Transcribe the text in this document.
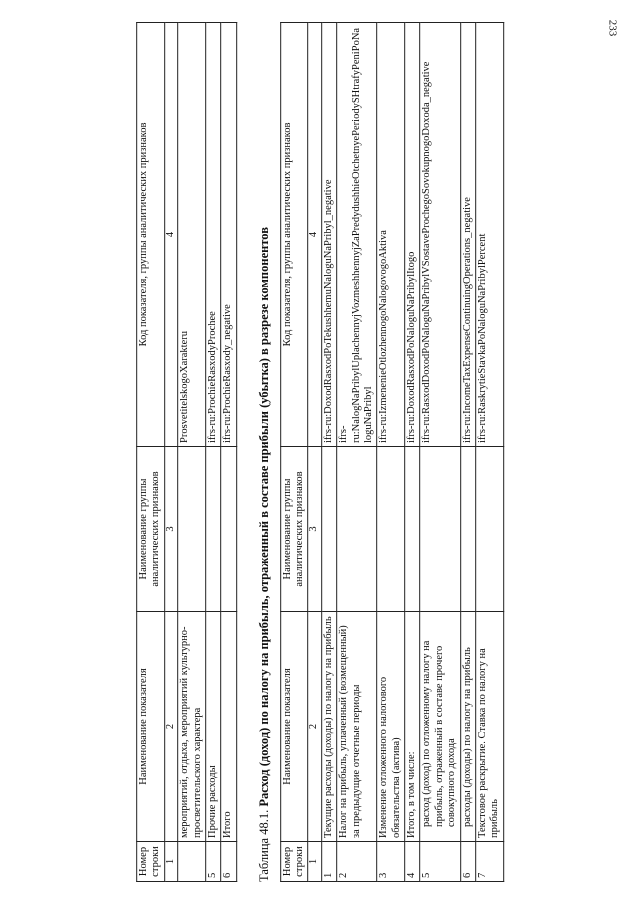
233
Номер строки	Наименование показателя	Наименование группы аналитических признаков	Код показателя, группы аналитических признаков
1	2	3	4
	мероприятий, отдыха, мероприятий культурно-просветительского характера		ProsvetitelskogoXarakteru
5	Прочие расходы		ifrs-ru:ProchieRasxodyProchee
6	Итого		ifrs-ru:ProchieRasxody_negative
Таблица 48.1. Расход (доход) по налогу на прибыль, отраженный в составе прибыли (убытка) в разрезе компонентов
Номер строки	Наименование показателя	Наименование группы аналитических признаков	Код показателя, группы аналитических признаков
1	2	3	4
1	Текущие расходы (доходы) по налогу на прибыль		ifrs-ru:DoxodRasxodPoTekushhemuNaloguNaPribyl_negative
2	Налог на прибыль, уплаченный (возмещенный) за предыдущие отчетные периоды		ifrs-ru:NalogNaPribylUplachennyjVozmeshhennyjZaPredydushhieOtchetnyePeriodySHtrafyPeniPoNaloguNaPribyl
3	Изменение отложенного налогового обязательства (актива)		ifrs-ru:IzmenenieOtlozhennogoNalogovogoAktiva
4	Итого, в том числе:		ifrs-ru:DoxodRasxodPoNaloguNaPribylItogo
5	расход (доход) по отложенному налогу на прибыль, отраженный в составе прочего совокупного дохода		ifrs-ru:RasxodDoxodPoNaloguNaPribylVSostaveProchegoSovokupnogoDoxoda_negative
6	расходы (доходы) по налогу на прибыль		ifrs-ru:IncomeTaxExpenseContinuingOperations_negative
7	Текстовое раскрытие. Ставка по налогу на прибыль		ifrs-ru:RaskrytieStavkaPoNaloguNaPribylPercent
